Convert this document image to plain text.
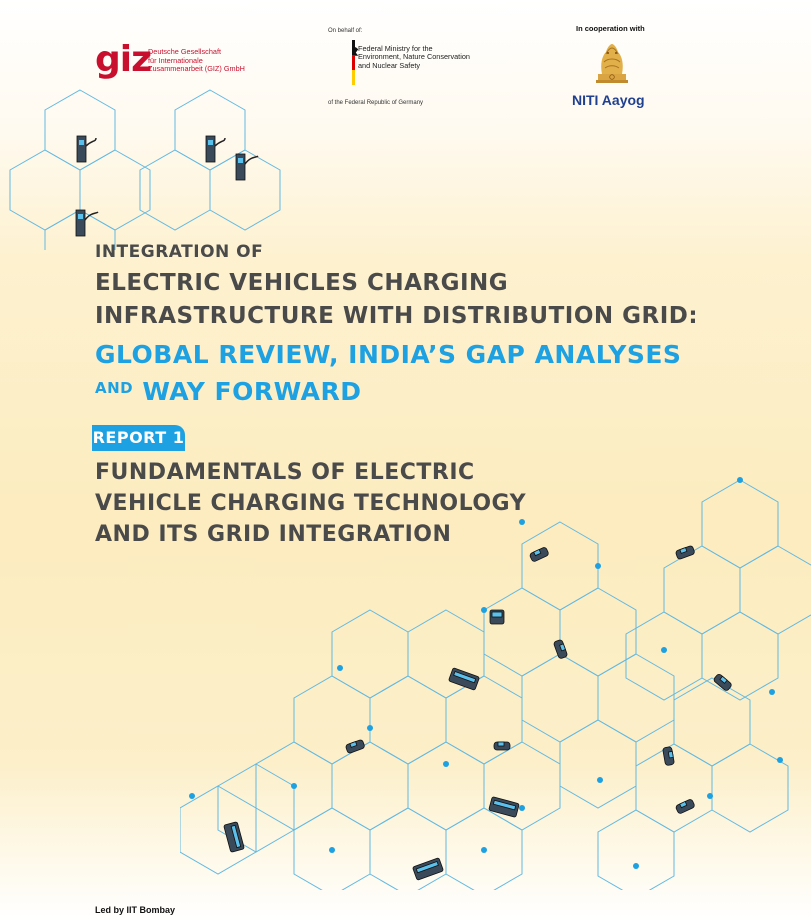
giz
Deutsche Gesellschaft
für Internationale
Zusammenarbeit (GIZ) GmbH
On behalf of:
Federal Ministry for the
Environment, Nature Conservation
and Nuclear Safety
of the Federal Republic of Germany
In cooperation with
NITI Aayog
INTEGRATION OF
ELECTRIC VEHICLES CHARGING
INFRASTRUCTURE WITH DISTRIBUTION GRID:
GLOBAL REVIEW, INDIA’S GAP ANALYSES
$^{AND}$ WAY FORWARD
REPORT 1
FUNDAMENTALS OF ELECTRIC
VEHICLE CHARGING TECHNOLOGY
AND ITS GRID INTEGRATION
Led by IIT Bombay
